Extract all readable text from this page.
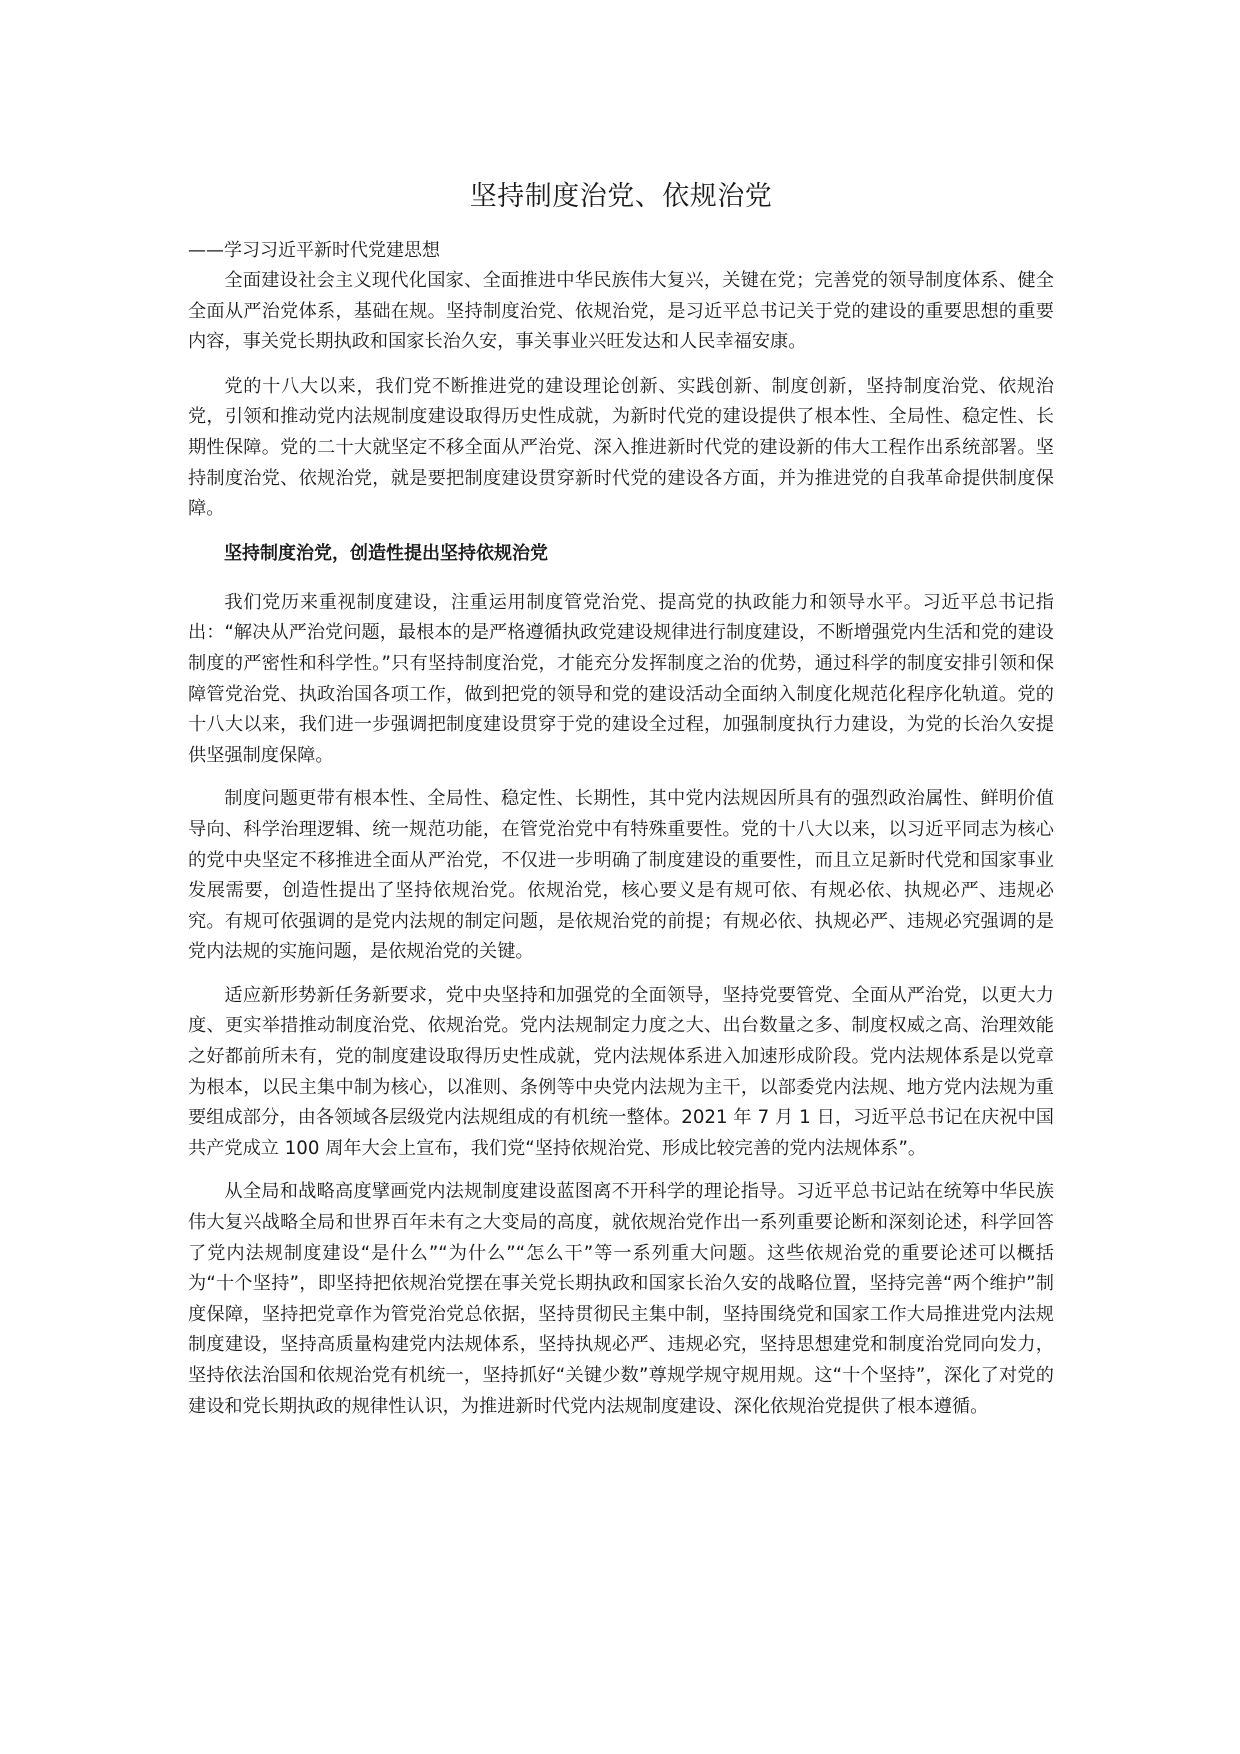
坚持制度治党、依规治党

——学习习近平新时代党建思想

全面建设社会主义现代化国家、全面推进中华民族伟大复兴，关键在党；完善党的领导制度体系、健全全面从严治党体系，基础在规。坚持制度治党、依规治党，是习近平总书记关于党的建设的重要思想的重要内容，事关党长期执政和国家长治久安，事关事业兴旺发达和人民幸福安康。

党的十八大以来，我们党不断推进党的建设理论创新、实践创新、制度创新，坚持制度治党、依规治党，引领和推动党内法规制度建设取得历史性成就，为新时代党的建设提供了根本性、全局性、稳定性、长期性保障。党的二十大就坚定不移全面从严治党、深入推进新时代党的建设新的伟大工程作出系统部署。坚持制度治党、依规治党，就是要把制度建设贯穿新时代党的建设各方面，并为推进党的自我革命提供制度保障。

坚持制度治党，创造性提出坚持依规治党

我们党历来重视制度建设，注重运用制度管党治党、提高党的执政能力和领导水平。习近平总书记指出：“解决从严治党问题，最根本的是严格遵循执政党建设规律进行制度建设，不断增强党内生活和党的建设制度的严密性和科学性。”只有坚持制度治党，才能充分发挥制度之治的优势，通过科学的制度安排引领和保障管党治党、执政治国各项工作，做到把党的领导和党的建设活动全面纳入制度化规范化程序化轨道。党的十八大以来，我们进一步强调把制度建设贯穿于党的建设全过程，加强制度执行力建设，为党的长治久安提供坚强制度保障。

制度问题更带有根本性、全局性、稳定性、长期性，其中党内法规因所具有的强烈政治属性、鲜明价值导向、科学治理逻辑、统一规范功能，在管党治党中有特殊重要性。党的十八大以来，以习近平同志为核心的党中央坚定不移推进全面从严治党，不仅进一步明确了制度建设的重要性，而且立足新时代党和国家事业发展需要，创造性提出了坚持依规治党。依规治党，核心要义是有规可依、有规必依、执规必严、违规必究。有规可依强调的是党内法规的制定问题，是依规治党的前提；有规必依、执规必严、违规必究强调的是党内法规的实施问题，是依规治党的关键。

适应新形势新任务新要求，党中央坚持和加强党的全面领导，坚持党要管党、全面从严治党，以更大力度、更实举措推动制度治党、依规治党。党内法规制定力度之大、出台数量之多、制度权威之高、治理效能之好都前所未有，党的制度建设取得历史性成就，党内法规体系进入加速形成阶段。党内法规体系是以党章为根本，以民主集中制为核心，以准则、条例等中央党内法规为主干，以部委党内法规、地方党内法规为重要组成部分，由各领域各层级党内法规组成的有机统一整体。2021 年 7 月 1 日，习近平总书记在庆祝中国共产党成立 100 周年大会上宣布，我们党“坚持依规治党、形成比较完善的党内法规体系”。

从全局和战略高度擘画党内法规制度建设蓝图离不开科学的理论指导。习近平总书记站在统筹中华民族伟大复兴战略全局和世界百年未有之大变局的高度，就依规治党作出一系列重要论断和深刻论述，科学回答了党内法规制度建设“是什么”“为什么”“怎么干”等一系列重大问题。这些依规治党的重要论述可以概括为“十个坚持”，即坚持把依规治党摆在事关党长期执政和国家长治久安的战略位置，坚持完善“两个维护”制度保障，坚持把党章作为管党治党总依据，坚持贯彻民主集中制，坚持围绕党和国家工作大局推进党内法规制度建设，坚持高质量构建党内法规体系，坚持执规必严、违规必究，坚持思想建党和制度治党同向发力，坚持依法治国和依规治党有机统一，坚持抓好“关键少数”尊规学规守规用规。这“十个坚持”，深化了对党的建设和党长期执政的规律性认识，为推进新时代党内法规制度建设、深化依规治党提供了根本遵循。
